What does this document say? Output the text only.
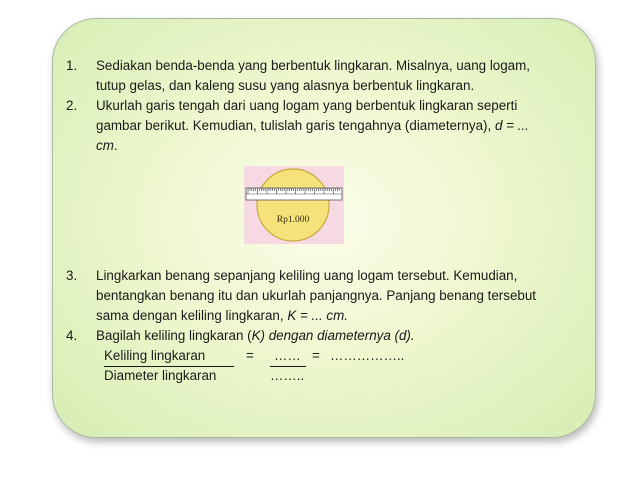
1. Sediakan benda-benda yang berbentuk lingkaran. Misalnya, uang logam,
tutup gelas, dan kaleng susu yang alasnya berbentuk lingkaran.
2. Ukurlah garis tengah dari uang logam yang berbentuk lingkaran seperti
gambar berikut. Kemudian, tulislah garis tengahnya (diameternya), d = ...
cm.
Rp1.000
3. Lingkarkan benang sepanjang keliling uang logam tersebut. Kemudian,
bentangkan benang itu dan ukurlah panjangnya. Panjang benang tersebut
sama dengan keliling lingkaran, K = ... cm.
4. Bagilah keliling lingkaran (K) dengan diameternya (d).
Keliling lingkaran	= …… = ……………..
Diameter lingkaran	……..
